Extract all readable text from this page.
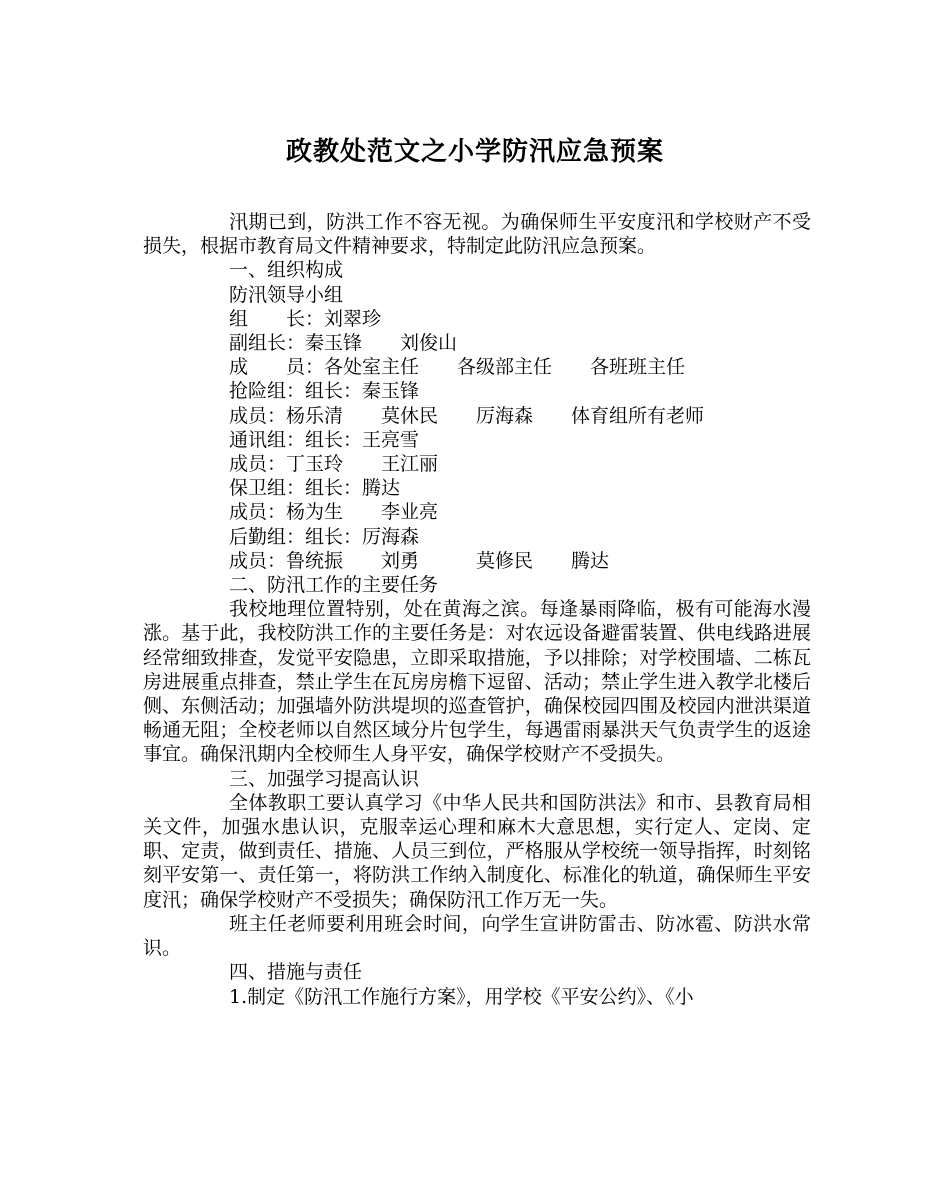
政教处范文之小学防汛应急预案

汛期已到，防洪工作不容无视。为确保师生平安度汛和学校财产不受损失，根据市教育局文件精神要求，特制定此防汛应急预案。

一、组织构成

防汛领导小组

组　　长：刘翠珍

副组长：秦玉锋　　刘俊山

成　　员：各处室主任　　各级部主任　　各班班主任

抢险组：组长：秦玉锋

成员：杨乐清　　莫休民　　厉海森　　体育组所有老师

通讯组：组长：王亮雪

成员：丁玉玲　　王江丽

保卫组：组长：腾达

成员：杨为生　　李业亮

后勤组：组长：厉海森

成员：鲁统振　　刘勇　　　莫修民　　腾达

二、防汛工作的主要任务

我校地理位置特别，处在黄海之滨。每逢暴雨降临，极有可能海水漫涨。基于此，我校防洪工作的主要任务是：对农远设备避雷装置、供电线路进展经常细致排查，发觉平安隐患，立即采取措施，予以排除；对学校围墙、二栋瓦房进展重点排查，禁止学生在瓦房房檐下逗留、活动；禁止学生进入教学北楼后侧、东侧活动；加强墙外防洪堤坝的巡查管护，确保校园四围及校园内泄洪渠道畅通无阻；全校老师以自然区域分片包学生，每遇雷雨暴洪天气负责学生的返途事宜。确保汛期内全校师生人身平安，确保学校财产不受损失。

三、加强学习提高认识

全体教职工要认真学习《中华人民共和国防洪法》和市、县教育局相关文件，加强水患认识，克服幸运心理和麻木大意思想，实行定人、定岗、定职、定责，做到责任、措施、人员三到位，严格服从学校统一领导指挥，时刻铭刻平安第一、责任第一，将防洪工作纳入制度化、标准化的轨道，确保师生平安度汛；确保学校财产不受损失；确保防汛工作万无一失。

班主任老师要利用班会时间，向学生宣讲防雷击、防冰雹、防洪水常识。

四、措施与责任

1.制定《防汛工作施行方案》，用学校《平安公约》、《小
